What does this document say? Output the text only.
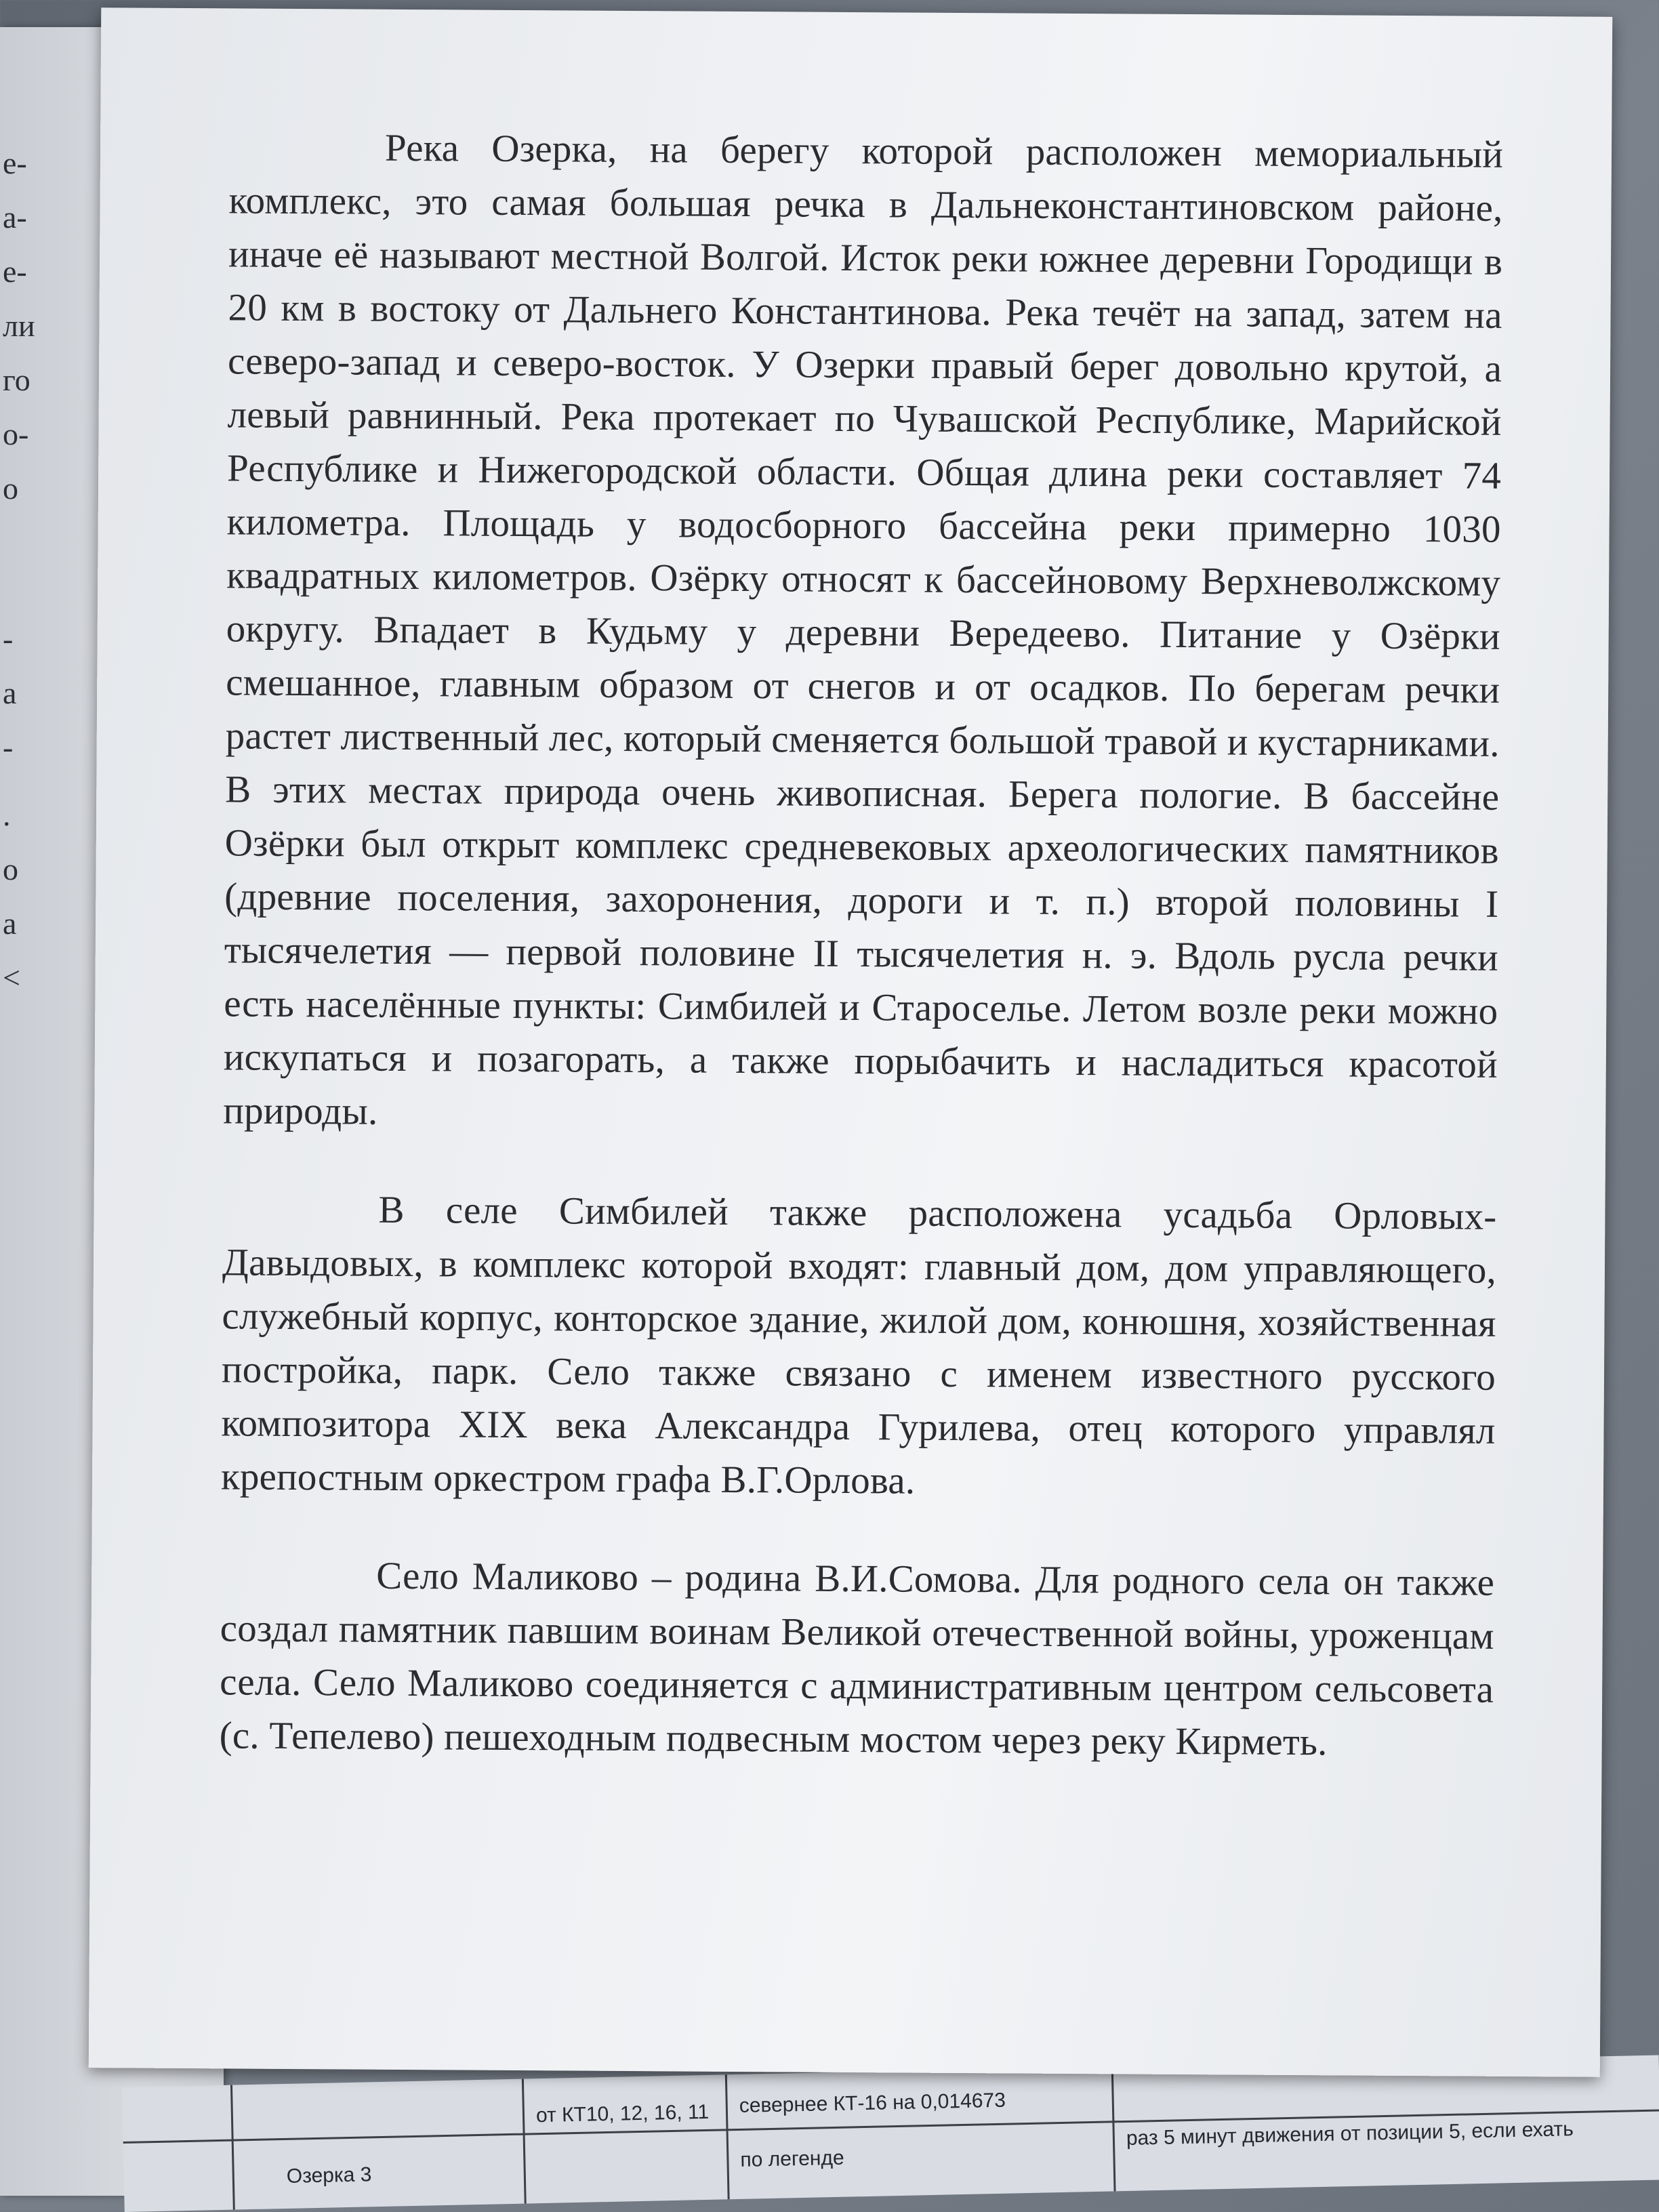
е-
а-
е-
ли
го
о-
о
-
а
-
.
о
а
<
Озерка 3
от КТ10, 12, 16, 11 севернее КТ-16 на 0,014673
по легенде
раз 5 минут движения от позиции 5, если ехать

Река Озерка, на берегу которой расположен мемориальный комплекс, это самая большая речка в Дальнеконстантиновском районе, иначе её называют местной Волгой. Исток реки южнее деревни Городищи в 20 км в востоку от Дальнего Константинова. Река течёт на запад, затем на северо-запад и северо-восток. У Озерки правый берег довольно крутой, а левый равнинный. Река протекает по Чувашской Республике, Марийской Республике и Нижегородской области. Общая длина реки составляет 74 километра. Площадь у водосборного бассейна реки примерно 1030 квадратных километров. Озёрку относят к бассейновому Верхневолжскому округу. Впадает в Кудьму у деревни Вередеево. Питание у Озёрки смешанное, главным образом от снегов и от осадков. По берегам речки растет лиственный лес, который сменяется большой травой и кустарниками. В этих местах природа очень живописная. Берега пологие. В бассейне Озёрки был открыт комплекс средневековых археологических памятников (древние поселения, захоронения, дороги и т. п.) второй половины I тысячелетия — первой половине II тысячелетия н. э. Вдоль русла речки есть населённые пункты: Симбилей и Староселье. Летом возле реки можно искупаться и позагорать, а также порыбачить и насладиться красотой природы.

В селе Симбилей также расположена усадьба Орловых-Давыдовых, в комплекс которой входят: главный дом, дом управляющего, служебный корпус, конторское здание, жилой дом, конюшня, хозяйственная постройка, парк. Село также связано с именем известного русского композитора XIX века Александра Гурилева, отец которого управлял крепостным оркестром графа В.Г.Орлова.

Село Маликово – родина В.И.Сомова. Для родного села он также создал памятник павшим воинам Великой отечественной войны, уроженцам села. Село Маликово соединяется с административным центром сельсовета (с. Тепелево) пешеходным подвесным мостом через реку Кирметь.
